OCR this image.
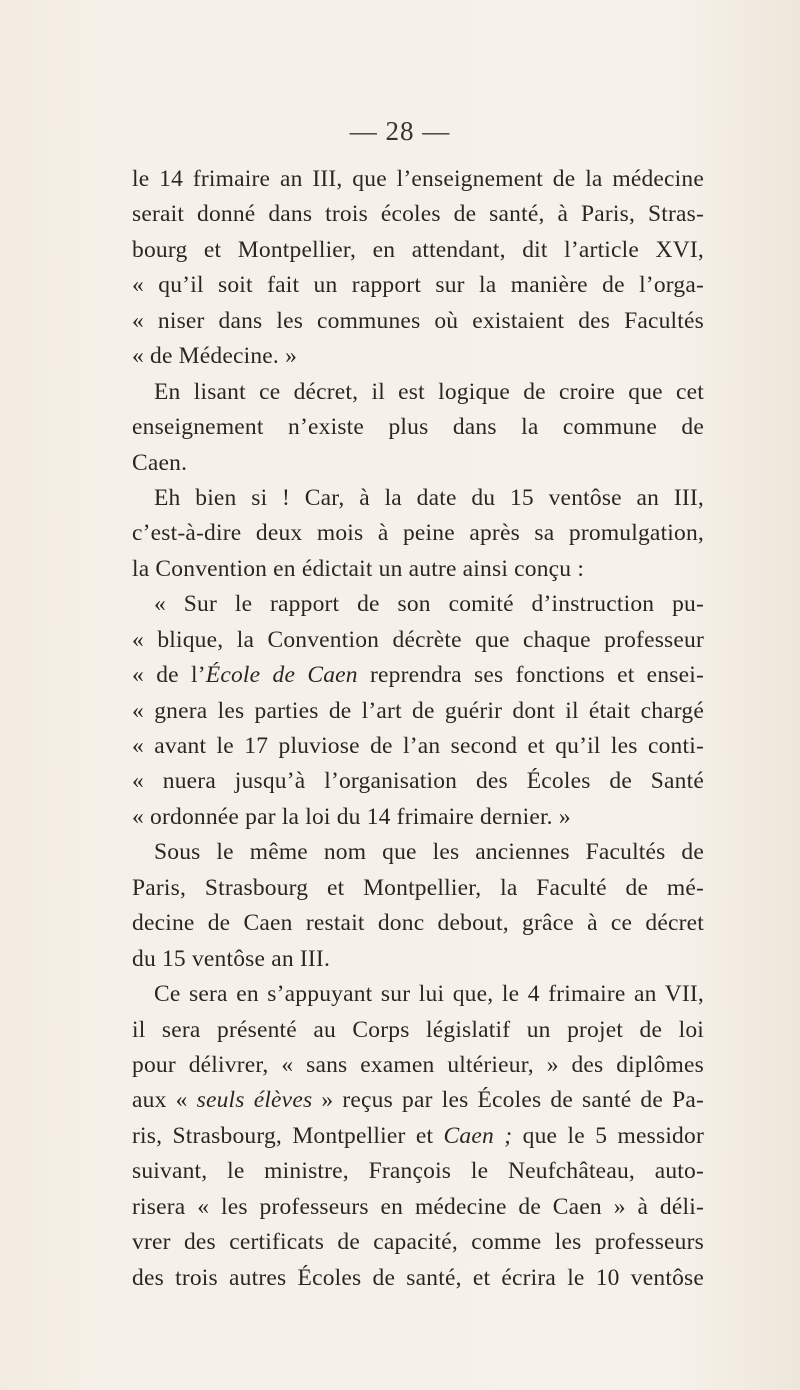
— 28 —
le 14 frimaire an III, que l’enseignement de la médecine
serait donné dans trois écoles de santé, à Paris, Stras-
bourg et Montpellier, en attendant, dit l’article XVI,
« qu’il soit fait un rapport sur la manière de l’orga-
« niser dans les communes où existaient des Facultés
« de Médecine. »
En lisant ce décret, il est logique de croire que cet
enseignement n’existe plus dans la commune de
Caen.
Eh bien si ! Car, à la date du 15 ventôse an III,
c’est-à-dire deux mois à peine après sa promulgation,
la Convention en édictait un autre ainsi conçu :
« Sur le rapport de son comité d’instruction pu-
« blique, la Convention décrète que chaque professeur
« de l’École de Caen reprendra ses fonctions et ensei-
« gnera les parties de l’art de guérir dont il était chargé
« avant le 17 pluviose de l’an second et qu’il les conti-
« nuera jusqu’à l’organisation des Écoles de Santé
« ordonnée par la loi du 14 frimaire dernier. »
Sous le même nom que les anciennes Facultés de
Paris, Strasbourg et Montpellier, la Faculté de mé-
decine de Caen restait donc debout, grâce à ce décret
du 15 ventôse an III.
Ce sera en s’appuyant sur lui que, le 4 frimaire an VII,
il sera présenté au Corps législatif un projet de loi
pour délivrer, « sans examen ultérieur, » des diplômes
aux « seuls élèves » reçus par les Écoles de santé de Pa-
ris, Strasbourg, Montpellier et Caen ; que le 5 messidor
suivant, le ministre, François le Neufchâteau, auto-
risera « les professeurs en médecine de Caen » à déli-
vrer des certificats de capacité, comme les professeurs
des trois autres Écoles de santé, et écrira le 10 ventôse
